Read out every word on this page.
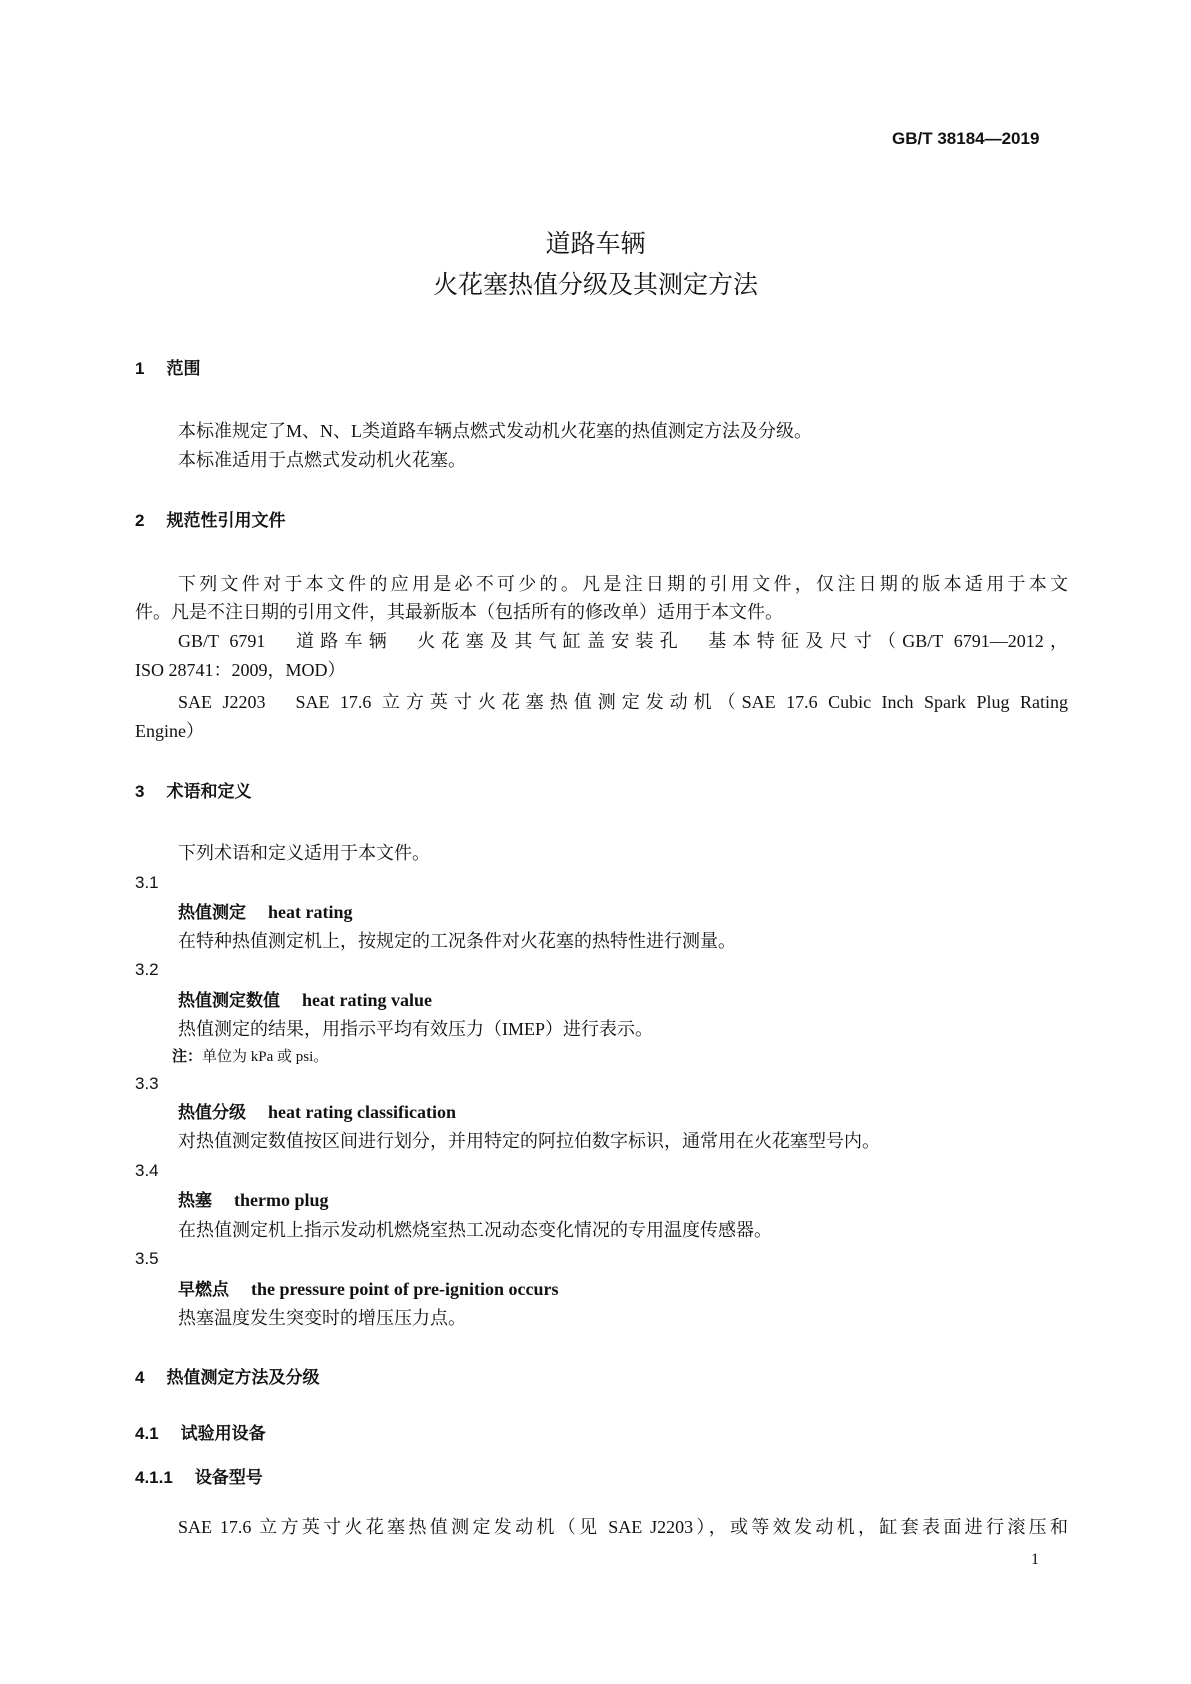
GB/T 38184—2019
道路车辆
火花塞热值分级及其测定方法
1 范围
本标准规定了M、N、L类道路车辆点燃式发动机火花塞的热值测定方法及分级。
本标准适用于点燃式发动机火花塞。
2 规范性引用文件
下列文件对于本文件的应用是必不可少的。凡是注日期的引用文件，仅注日期的版本适用于本文
件。凡是不注日期的引用文件，其最新版本（包括所有的修改单）适用于本文件。
GB/T 6791　道路车辆　火花塞及其气缸盖安装孔　基本特征及尺寸（GB/T 6791—2012，
ISO 28741：2009，MOD）
SAE J2203　SAE 17.6 立方英寸火花塞热值测定发动机（SAE 17.6 Cubic Inch Spark Plug Rating
Engine）
3 术语和定义
下列术语和定义适用于本文件。
3.1
热值测定 heat rating
在特种热值测定机上，按规定的工况条件对火花塞的热特性进行测量。
3.2
热值测定数值 heat rating value
热值测定的结果，用指示平均有效压力（IMEP）进行表示。
注：单位为 kPa 或 psi。
3.3
热值分级 heat rating classification
对热值测定数值按区间进行划分，并用特定的阿拉伯数字标识，通常用在火花塞型号内。
3.4
热塞 thermo plug
在热值测定机上指示发动机燃烧室热工况动态变化情况的专用温度传感器。
3.5
早燃点 the pressure point of pre-ignition occurs
热塞温度发生突变时的增压压力点。
4 热值测定方法及分级
4.1 试验用设备
4.1.1 设备型号
SAE 17.6 立方英寸火花塞热值测定发动机（见 SAE J2203），或等效发动机，缸套表面进行滚压和
1
